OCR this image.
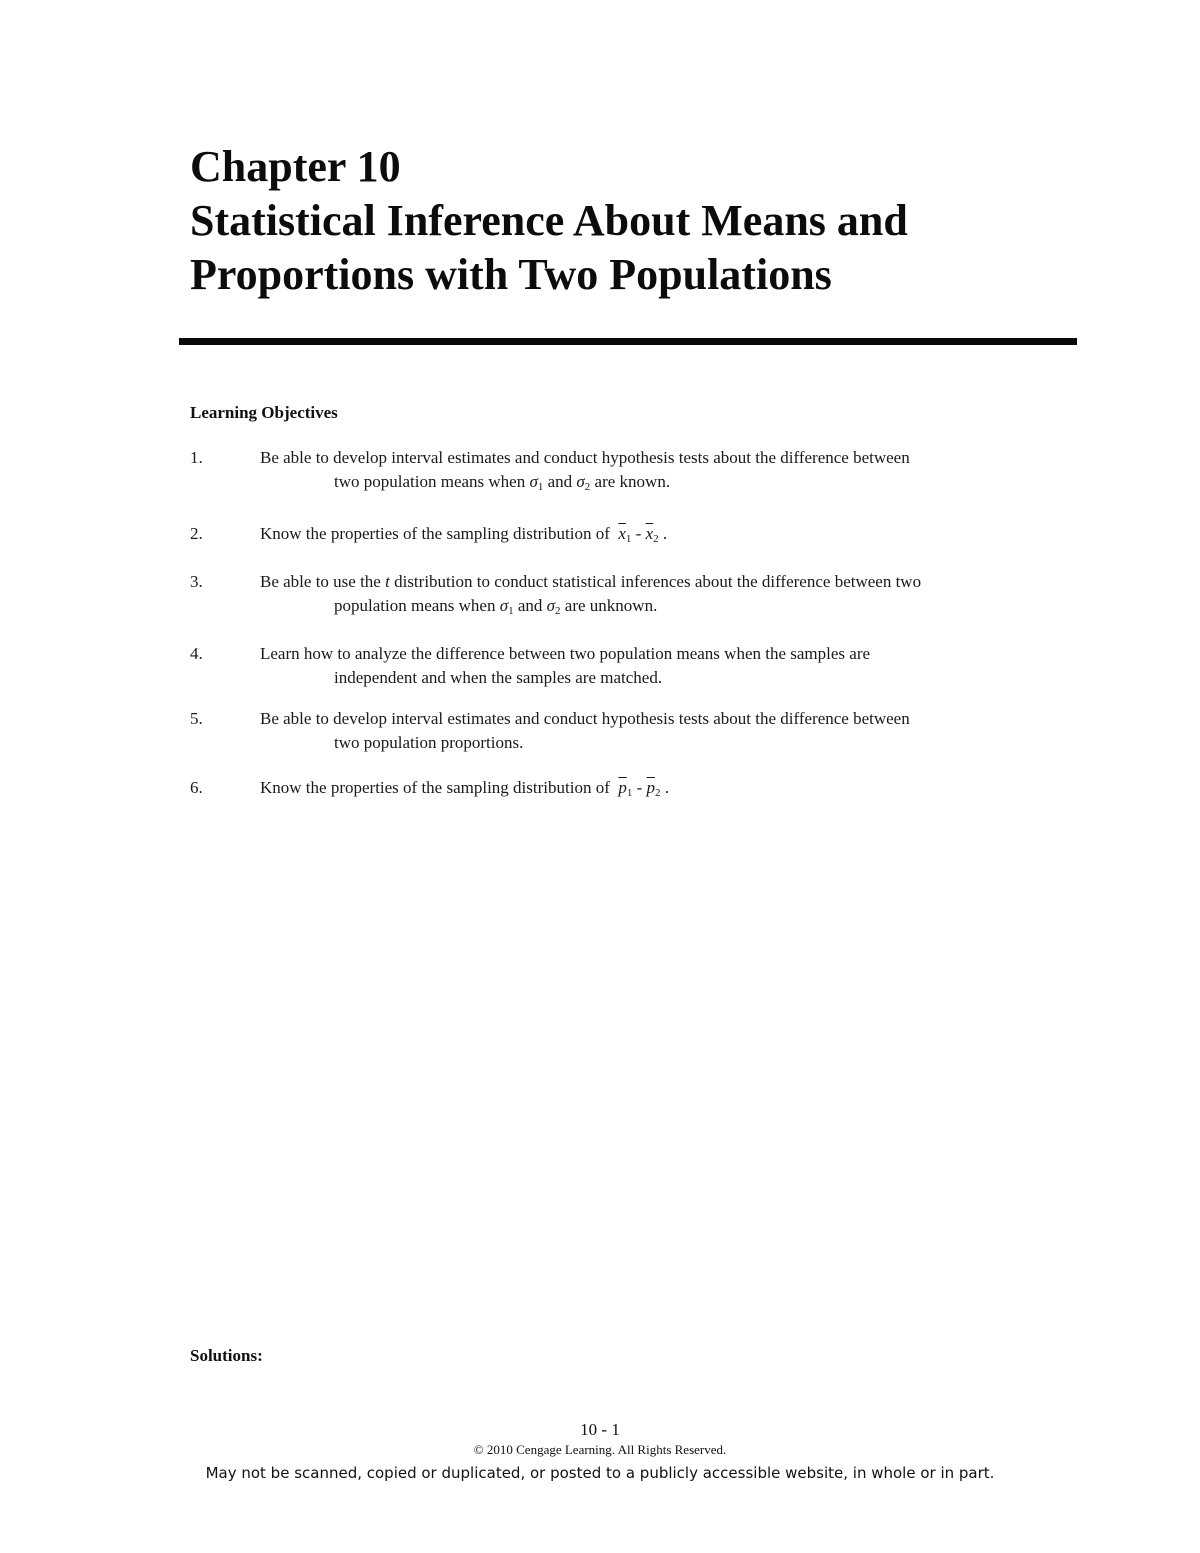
Chapter 10
Statistical Inference About Means and
Proportions with Two Populations
Learning Objectives
1.	Be able to develop interval estimates and conduct hypothesis tests about the difference between
two population means when $\sigma_1$ and $\sigma_2$ are known.
2.	Know the properties of the sampling distribution of  $\overline{x}_1 - \overline{x}_2$ .
3.	Be able to use the t distribution to conduct statistical inferences about the difference between two
population means when $\sigma_1$ and $\sigma_2$ are unknown.
4.	Learn how to analyze the difference between two population means when the samples are
independent and when the samples are matched.
5.	Be able to develop interval estimates and conduct hypothesis tests about the difference between
two population proportions.
6.	Know the properties of the sampling distribution of  $\overline{p}_1 - \overline{p}_2$ .
Solutions:
10 - 1
© 2010 Cengage Learning. All Rights Reserved.
May not be scanned, copied or duplicated, or posted to a publicly accessible website, in whole or in part.
